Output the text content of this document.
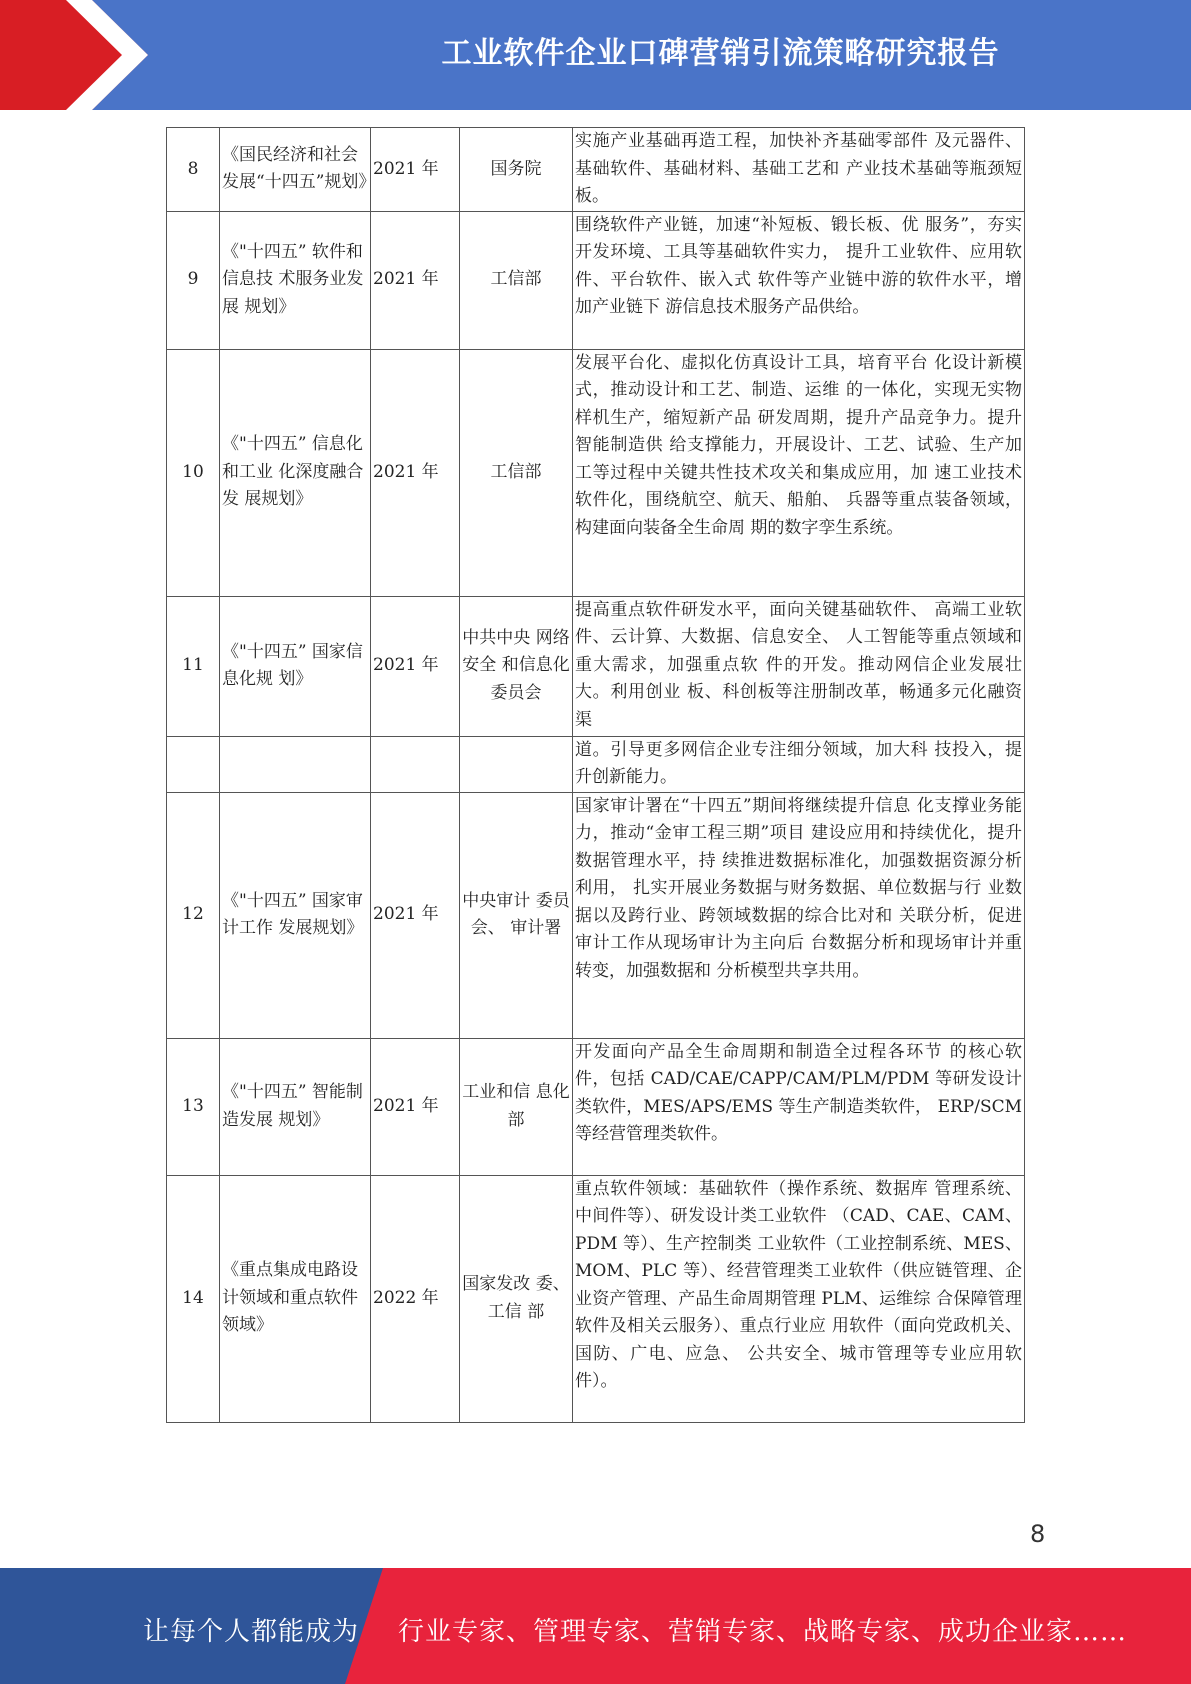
工业软件企业口碑营销引流策略研究报告
8	《国民经济和社会发展“十四五”规划》	2021 年	国务院	实施产业基础再造工程，加快补齐基础零部件 及元器件、基础软件、基础材料、基础工艺和 产业技术基础等瓶颈短板。
9	《"十四五” 软件和信息技 术服务业发展 规划》	2021 年	工信部	围绕软件产业链，加速“补短板、锻长板、优 服务”，夯实开发环境、工具等基础软件实力， 提升工业软件、应用软件、平台软件、嵌入式 软件等产业链中游的软件水平，增加产业链下 游信息技术服务产品供给。
10	《"十四五” 信息化和工业 化深度融合发 展规划》	2021 年	工信部	发展平台化、虚拟化仿真设计工具，培育平台 化设计新模式，推动设计和工艺、制造、运维 的一体化，实现无实物样机生产，缩短新产品 研发周期，提升产品竞争力。提升智能制造供 给支撑能力，开展设计、工艺、试验、生产加 工等过程中关键共性技术攻关和集成应用，加 速工业技术软件化，围绕航空、航天、船舶、 兵器等重点装备领域，构建面向装备全生命周 期的数字孪生系统。
11	《"十四五” 国家信息化规 划》	2021 年	中共中央 网络安全 和信息化 委员会	提高重点软件研发水平，面向关键基础软件、 高端工业软件、云计算、大数据、信息安全、 人工智能等重点领域和重大需求，加强重点软 件的开发。推动网信企业发展壮大。利用创业 板、科创板等注册制改革，畅通多元化融资渠
				道。引导更多网信企业专注细分领域，加大科 技投入，提升创新能力。
12	《"十四五” 国家审计工作 发展规划》	2021 年	中央审计 委员会、 审计署	国家审计署在“十四五”期间将继续提升信息 化支撑业务能力，推动“金审工程三期”项目 建设应用和持续优化，提升数据管理水平，持 续推进数据标准化，加强数据资源分析利用， 扎实开展业务数据与财务数据、单位数据与行 业数据以及跨行业、跨领域数据的综合比对和 关联分析，促进审计工作从现场审计为主向后 台数据分析和现场审计并重转变，加强数据和 分析模型共享共用。
13	《"十四五” 智能制造发展 规划》	2021 年	工业和信 息化部	开发面向产品全生命周期和制造全过程各环节 的核心软件，包括 CAD/CAE/CAPP/CAM/PLM/PDM 等研发设计 类软件，MES/APS/EMS 等生产制造类软件， ERP/SCM 等经营管理类软件。
14	《重点集成电路设计领域和重点软件领域》	2022 年	国家发改 委、工信 部	重点软件领域：基础软件（操作系统、数据库 管理系统、中间件等）、研发设计类工业软件 （CAD、CAE、CAM、PDM 等）、生产控制类 工业软件（工业控制系统、MES、MOM、PLC 等）、经营管理类工业软件（供应链管理、企 业资产管理、产品生命周期管理 PLM、运维综 合保障管理软件及相关云服务）、重点行业应 用软件（面向党政机关、国防、广电、应急、 公共安全、城市管理等专业应用软件）。
8
让每个人都能成为 行业专家、管理专家、营销专家、战略专家、成功企业家……
